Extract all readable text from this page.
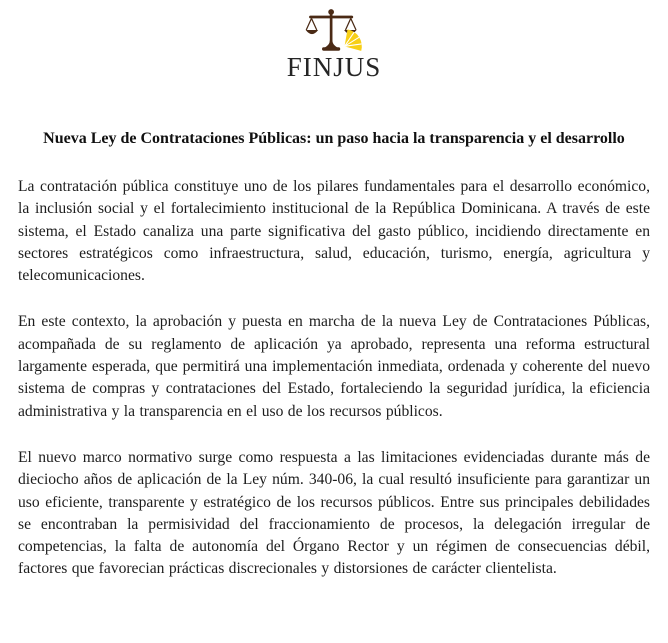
FINJUS
Nueva Ley de Contrataciones Públicas: un paso hacia la transparencia y el desarrollo

La contratación pública constituye uno de los pilares fundamentales para el desarrollo económico, la inclusión social y el fortalecimiento institucional de la República Dominicana. A través de este sistema, el Estado canaliza una parte significativa del gasto público, incidiendo directamente en sectores estratégicos como infraestructura, salud, educación, turismo, energía, agricultura y telecomunicaciones.

En este contexto, la aprobación y puesta en marcha de la nueva Ley de Contrataciones Públicas, acompañada de su reglamento de aplicación ya aprobado, representa una reforma estructural largamente esperada, que permitirá una implementación inmediata, ordenada y coherente del nuevo sistema de compras y contrataciones del Estado, fortaleciendo la seguridad jurídica, la eficiencia administrativa y la transparencia en el uso de los recursos públicos.

El nuevo marco normativo surge como respuesta a las limitaciones evidenciadas durante más de dieciocho años de aplicación de la Ley núm. 340-06, la cual resultó insuficiente para garantizar un uso eficiente, transparente y estratégico de los recursos públicos. Entre sus principales debilidades se encontraban la permisividad del fraccionamiento de procesos, la delegación irregular de competencias, la falta de autonomía del Órgano Rector y un régimen de consecuencias débil, factores que favorecian prácticas discrecionales y distorsiones de carácter clientelista.
